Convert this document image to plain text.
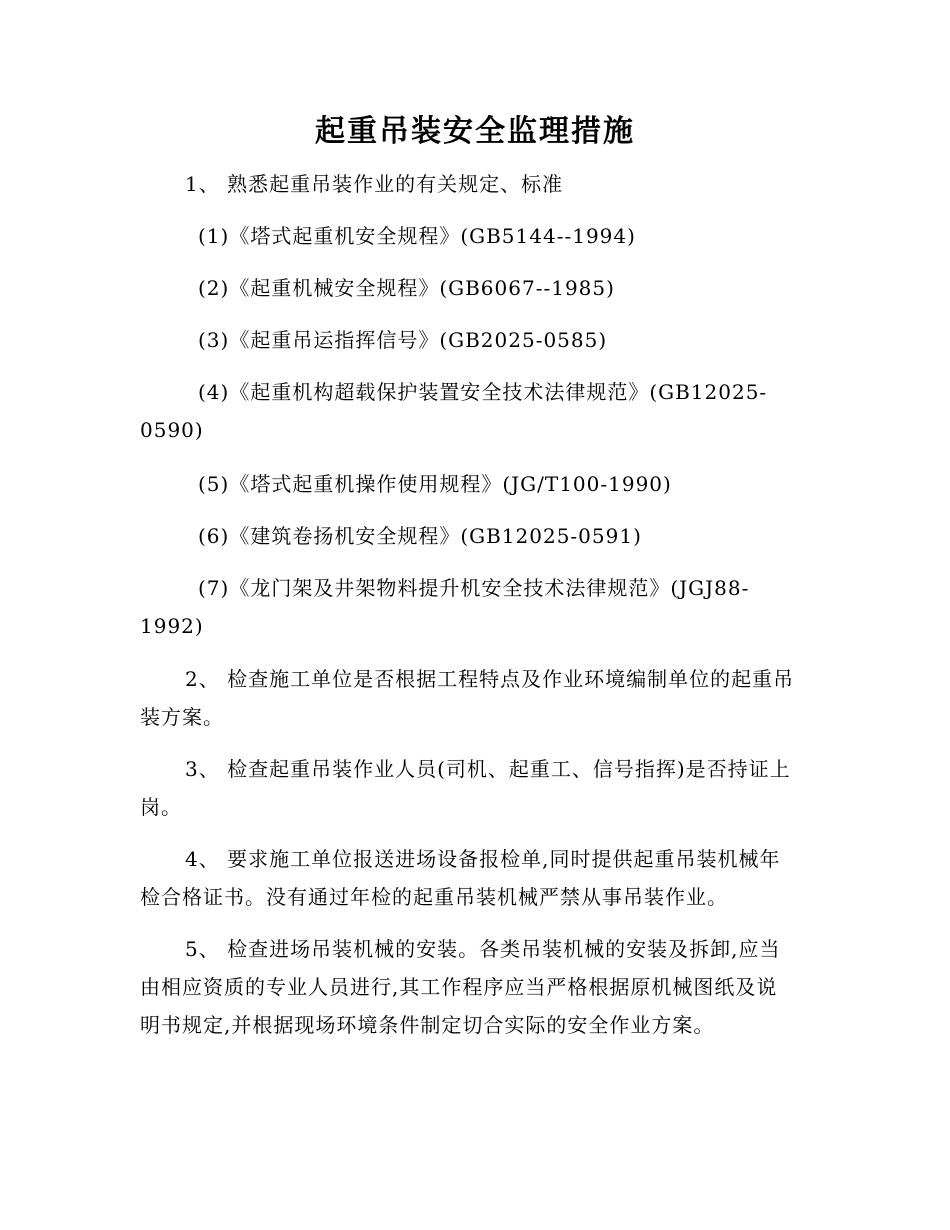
起重吊装安全监理措施
1、 熟悉起重吊装作业的有关规定、标准
(1)《塔式起重机安全规程》(GB5144--1994)
(2)《起重机械安全规程》(GB6067--1985)
(3)《起重吊运指挥信号》(GB2025-0585)
(4)《起重机构超载保护装置安全技术法律规范》(GB12025-0590)
(5)《塔式起重机操作使用规程》(JG/T100-1990)
(6)《建筑卷扬机安全规程》(GB12025-0591)
(7)《龙门架及井架物料提升机安全技术法律规范》(JGJ88-1992)
2、 检查施工单位是否根据工程特点及作业环境编制单位的起重吊装方案。
3、 检查起重吊装作业人员(司机、起重工、信号指挥)是否持证上岗。
4、 要求施工单位报送进场设备报检单,同时提供起重吊装机械年检合格证书。没有通过年检的起重吊装机械严禁从事吊装作业。
5、 检查进场吊装机械的安装。各类吊装机械的安装及拆卸,应当由相应资质的专业人员进行,其工作程序应当严格根据原机械图纸及说明书规定,并根据现场环境条件制定切合实际的安全作业方案。
